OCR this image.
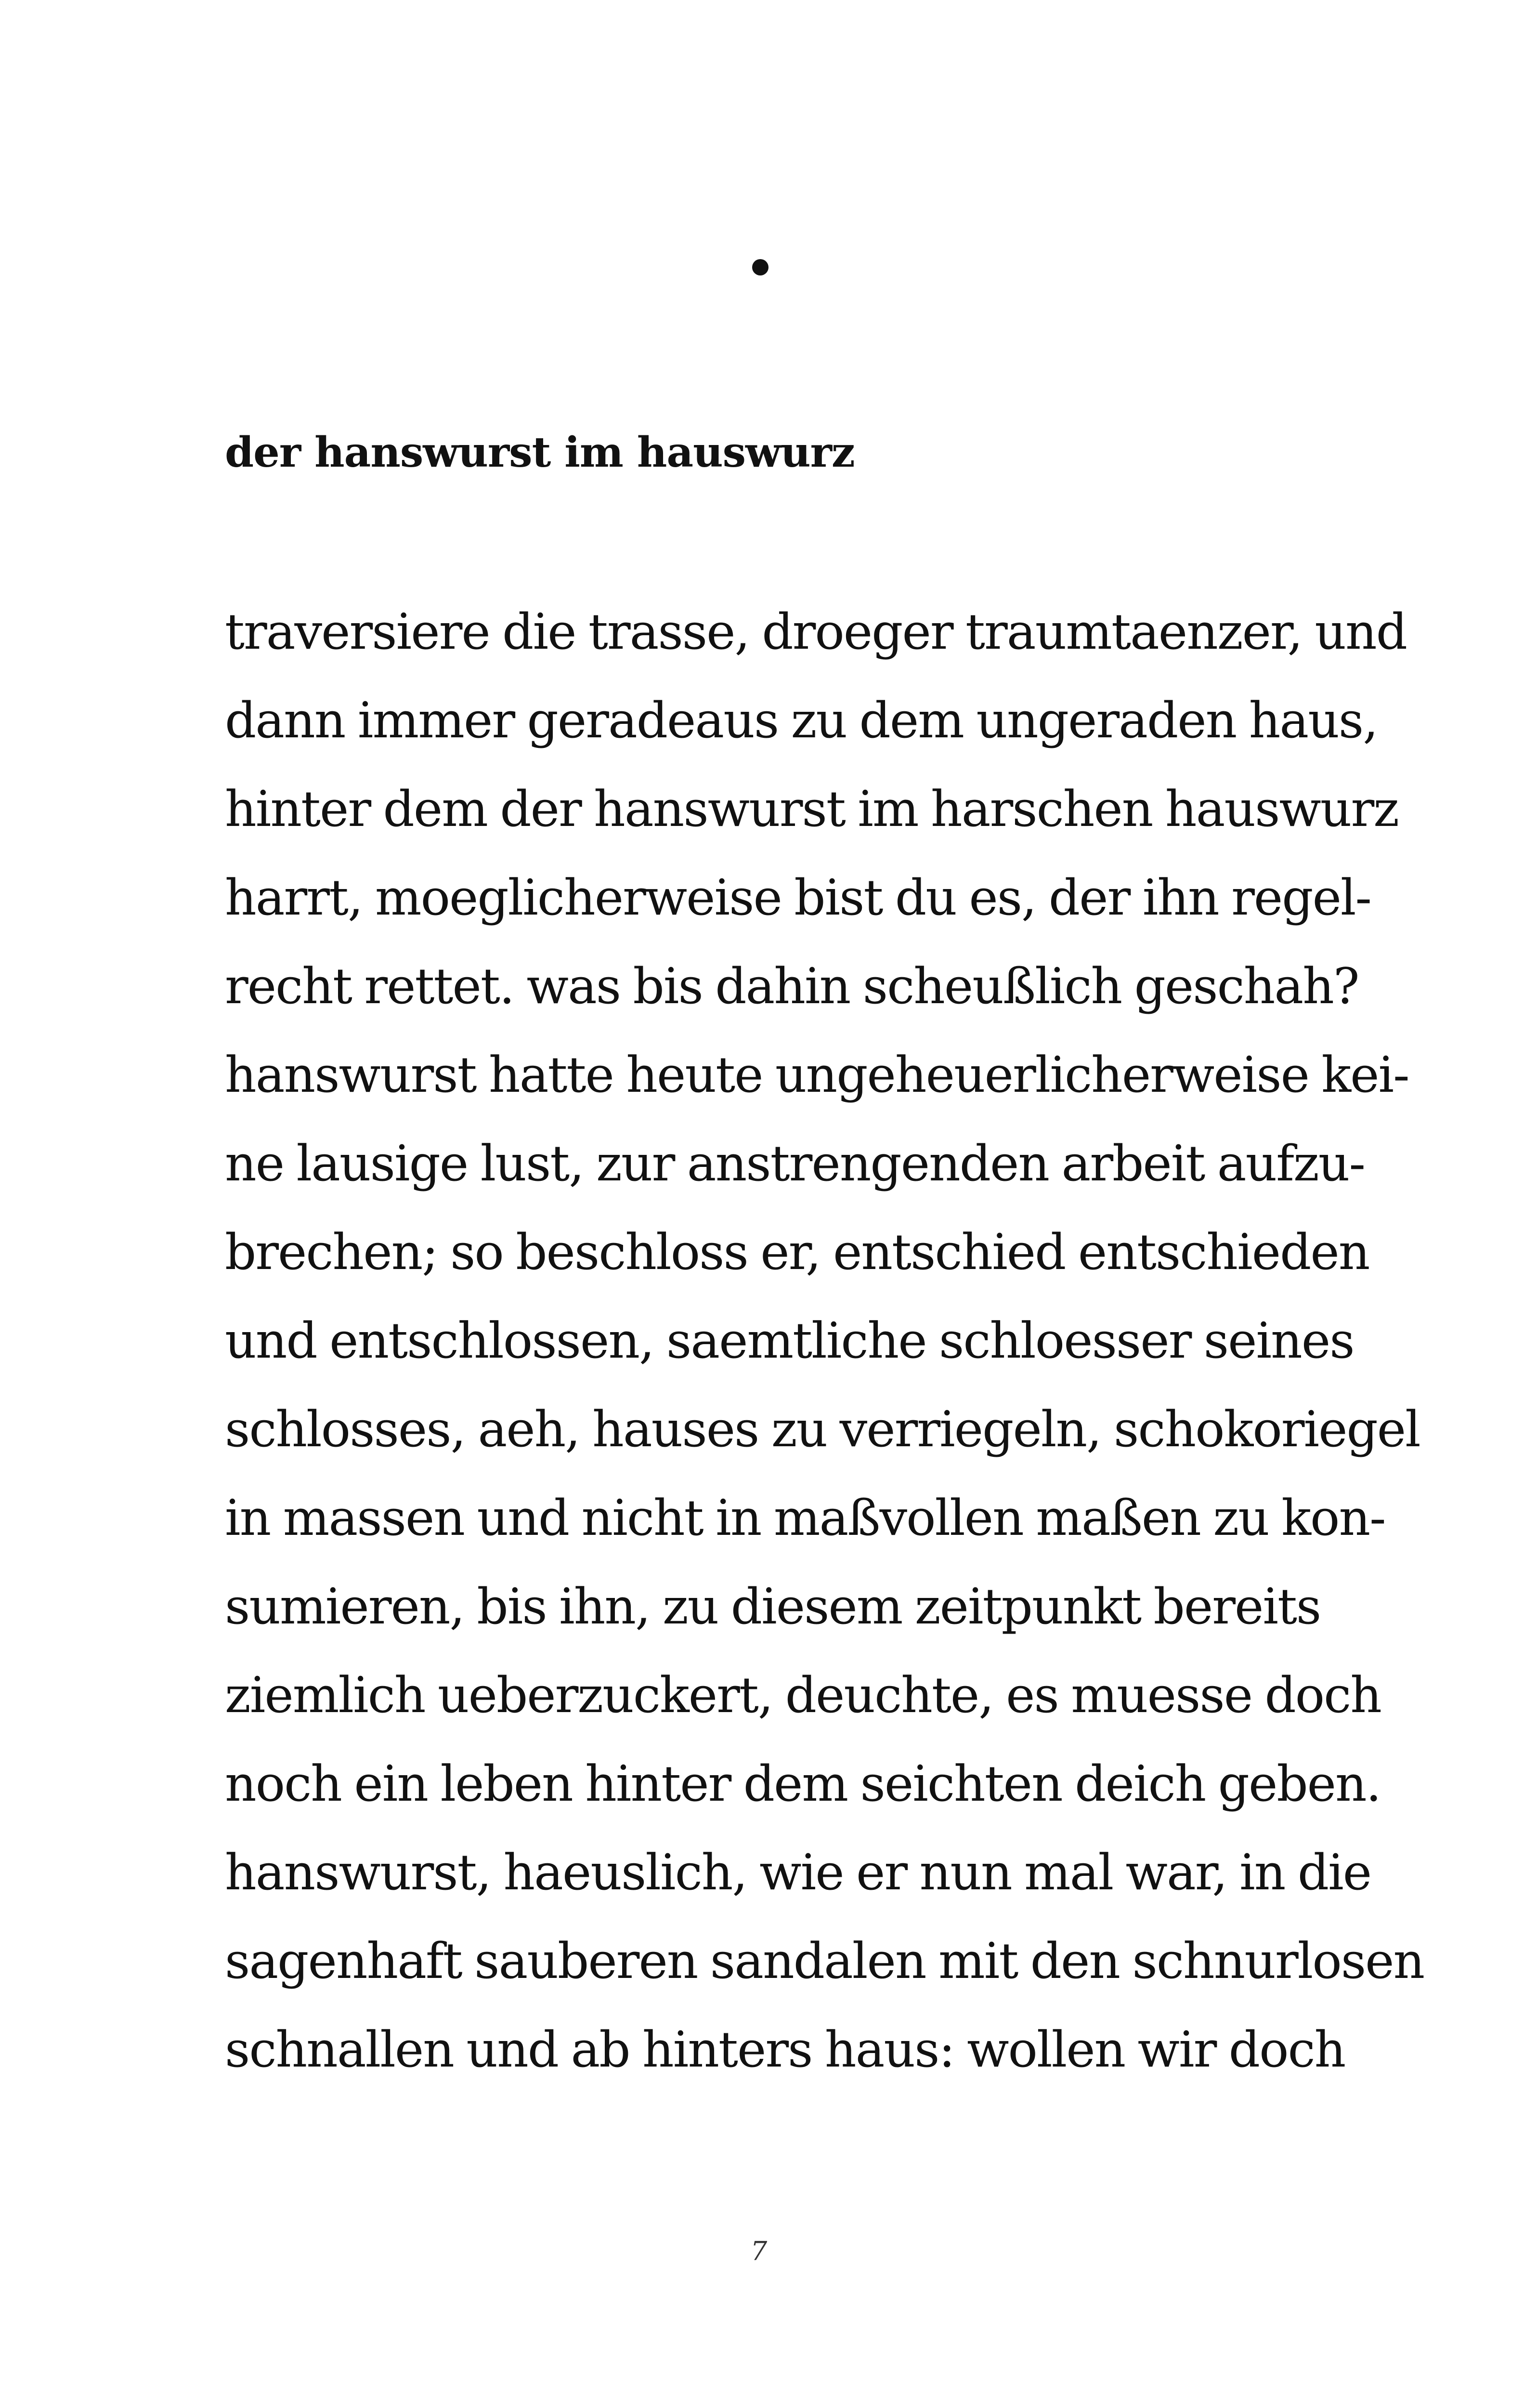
der hanswurst im hauswurz
traversiere die trasse, droeger traumtaenzer, und
dann immer geradeaus zu dem ungeraden haus,
hinter dem der hanswurst im harschen hauswurz
harrt, moeglicherweise bist du es, der ihn regel-
recht rettet. was bis dahin scheußlich geschah?
hanswurst hatte heute ungeheuerlicherweise kei-
ne lausige lust, zur anstrengenden arbeit aufzu-
brechen; so beschloss er, entschied entschieden
und entschlossen, saemtliche schloesser seines
schlosses, aeh, hauses zu verriegeln, schokoriegel
in massen und nicht in maßvollen maßen zu kon-
sumieren, bis ihn, zu diesem zeitpunkt bereits
ziemlich ueberzuckert, deuchte, es muesse doch
noch ein leben hinter dem seichten deich geben.
hanswurst, haeuslich, wie er nun mal war, in die
sagenhaft sauberen sandalen mit den schnurlosen
schnallen und ab hinters haus: wollen wir doch
7
